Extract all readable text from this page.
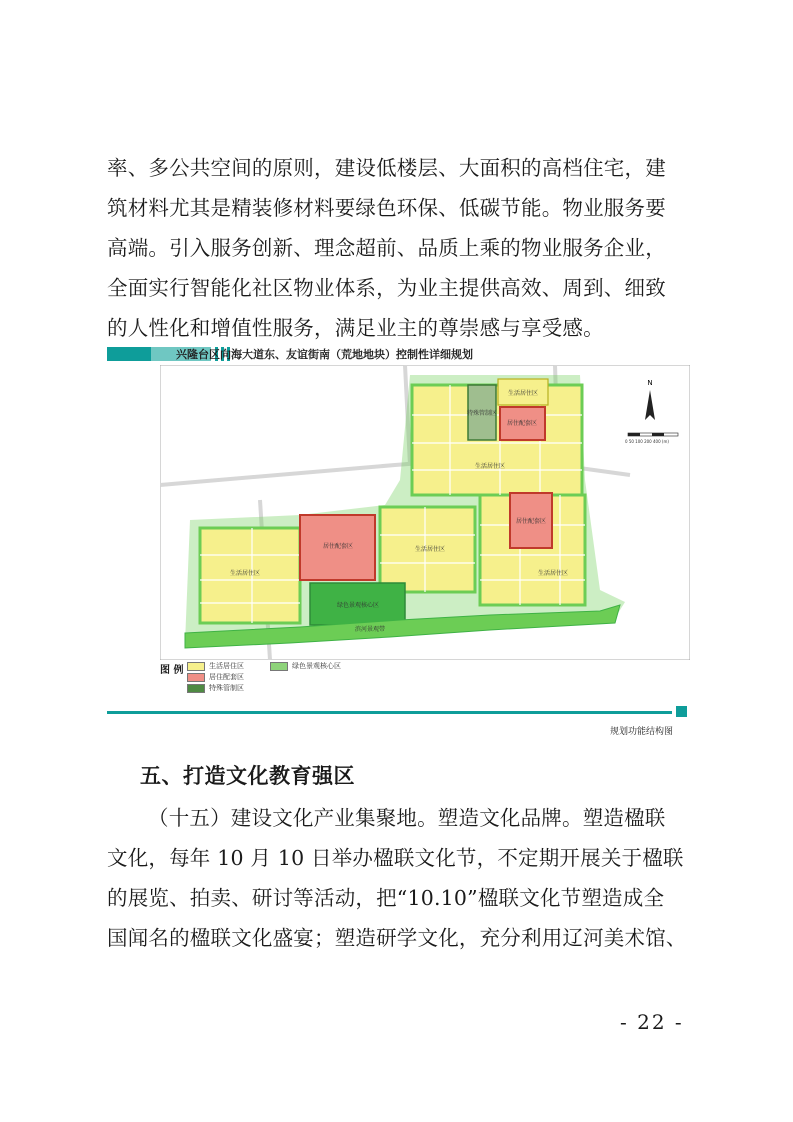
率、多公共空间的原则，建设低楼层、大面积的高档住宅，建
筑材料尤其是精装修材料要绿色环保、低碳节能。物业服务要
高端。引入服务创新、理念超前、品质上乘的物业服务企业，
全面实行智能化社区物业体系，为业主提供高效、周到、细致
的人性化和增值性服务，满足业主的尊崇感与享受感。

兴隆台区向海大道东、友谊街南（荒地地块）控制性详细规划
生活居住区
居住配套区
绿色景观核心区
滨河景观带
生活居住区
生活居住区
特殊管制区
生活居住区
居住配套区
居住配套区
生活居住区
N
0 50 100 200 400 (m)
图 例	生活居住区
居住配套区
特殊管制区
绿色景观核心区
规划功能结构图
五、打造文化教育强区

（十五）建设文化产业集聚地。塑造文化品牌。塑造楹联
文化，每年 10 月 10 日举办楹联文化节，不定期开展关于楹联
的展览、拍卖、研讨等活动，把“10.10”楹联文化节塑造成全
国闻名的楹联文化盛宴；塑造研学文化，充分利用辽河美术馆、

- 22 -
